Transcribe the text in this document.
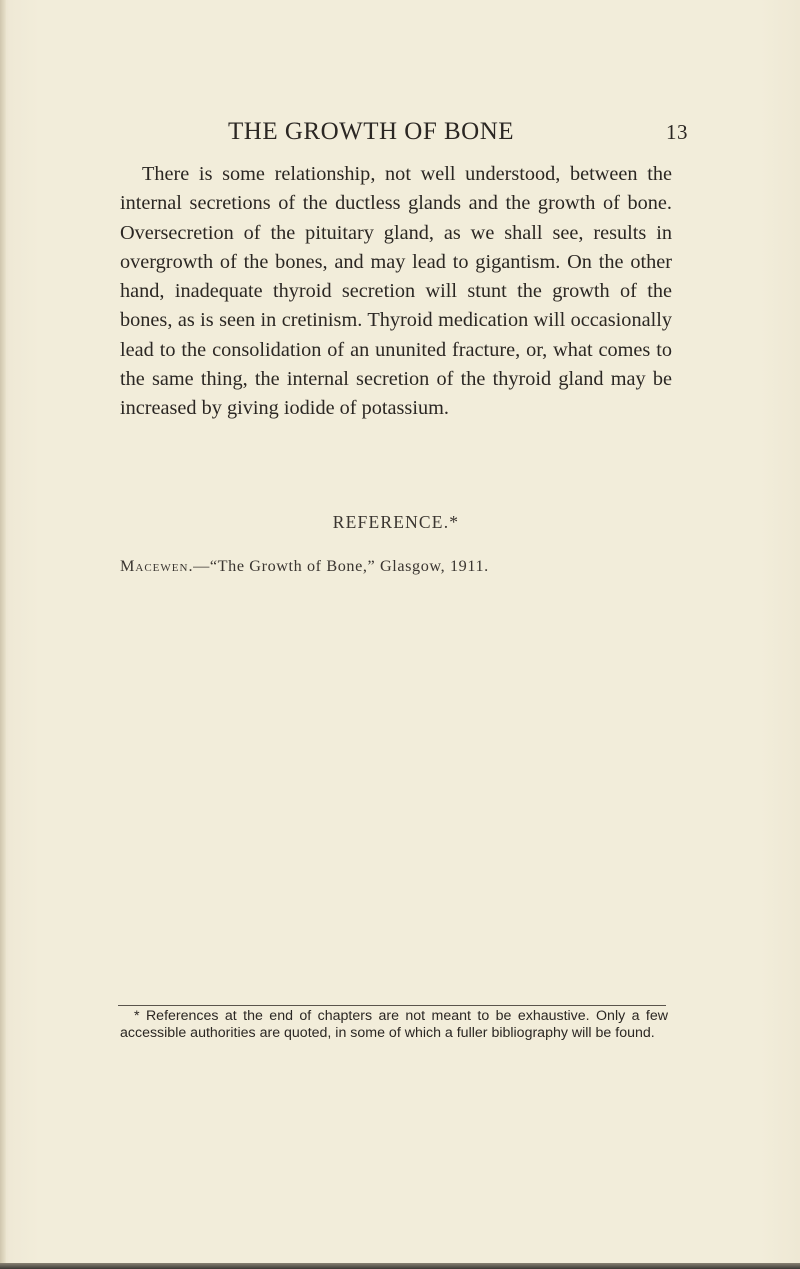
THE GROWTH OF BONE	13

There is some relationship, not well understood, between the internal secretions of the ductless glands and the growth of bone. Oversecretion of the pituitary gland, as we shall see, results in overgrowth of the bones, and may lead to gigantism. On the other hand, inadequate thyroid secretion will stunt the growth of the bones, as is seen in cretinism. Thyroid medication will occasionally lead to the consolidation of an ununited fracture, or, what comes to the same thing, the internal secretion of the thyroid gland may be increased by giving iodide of potassium.

REFERENCE.*
Macewen.—“The Growth of Bone,” Glasgow, 1911.

* References at the end of chapters are not meant to be exhaustive. Only a few accessible authorities are quoted, in some of which a fuller bibliography will be found.
